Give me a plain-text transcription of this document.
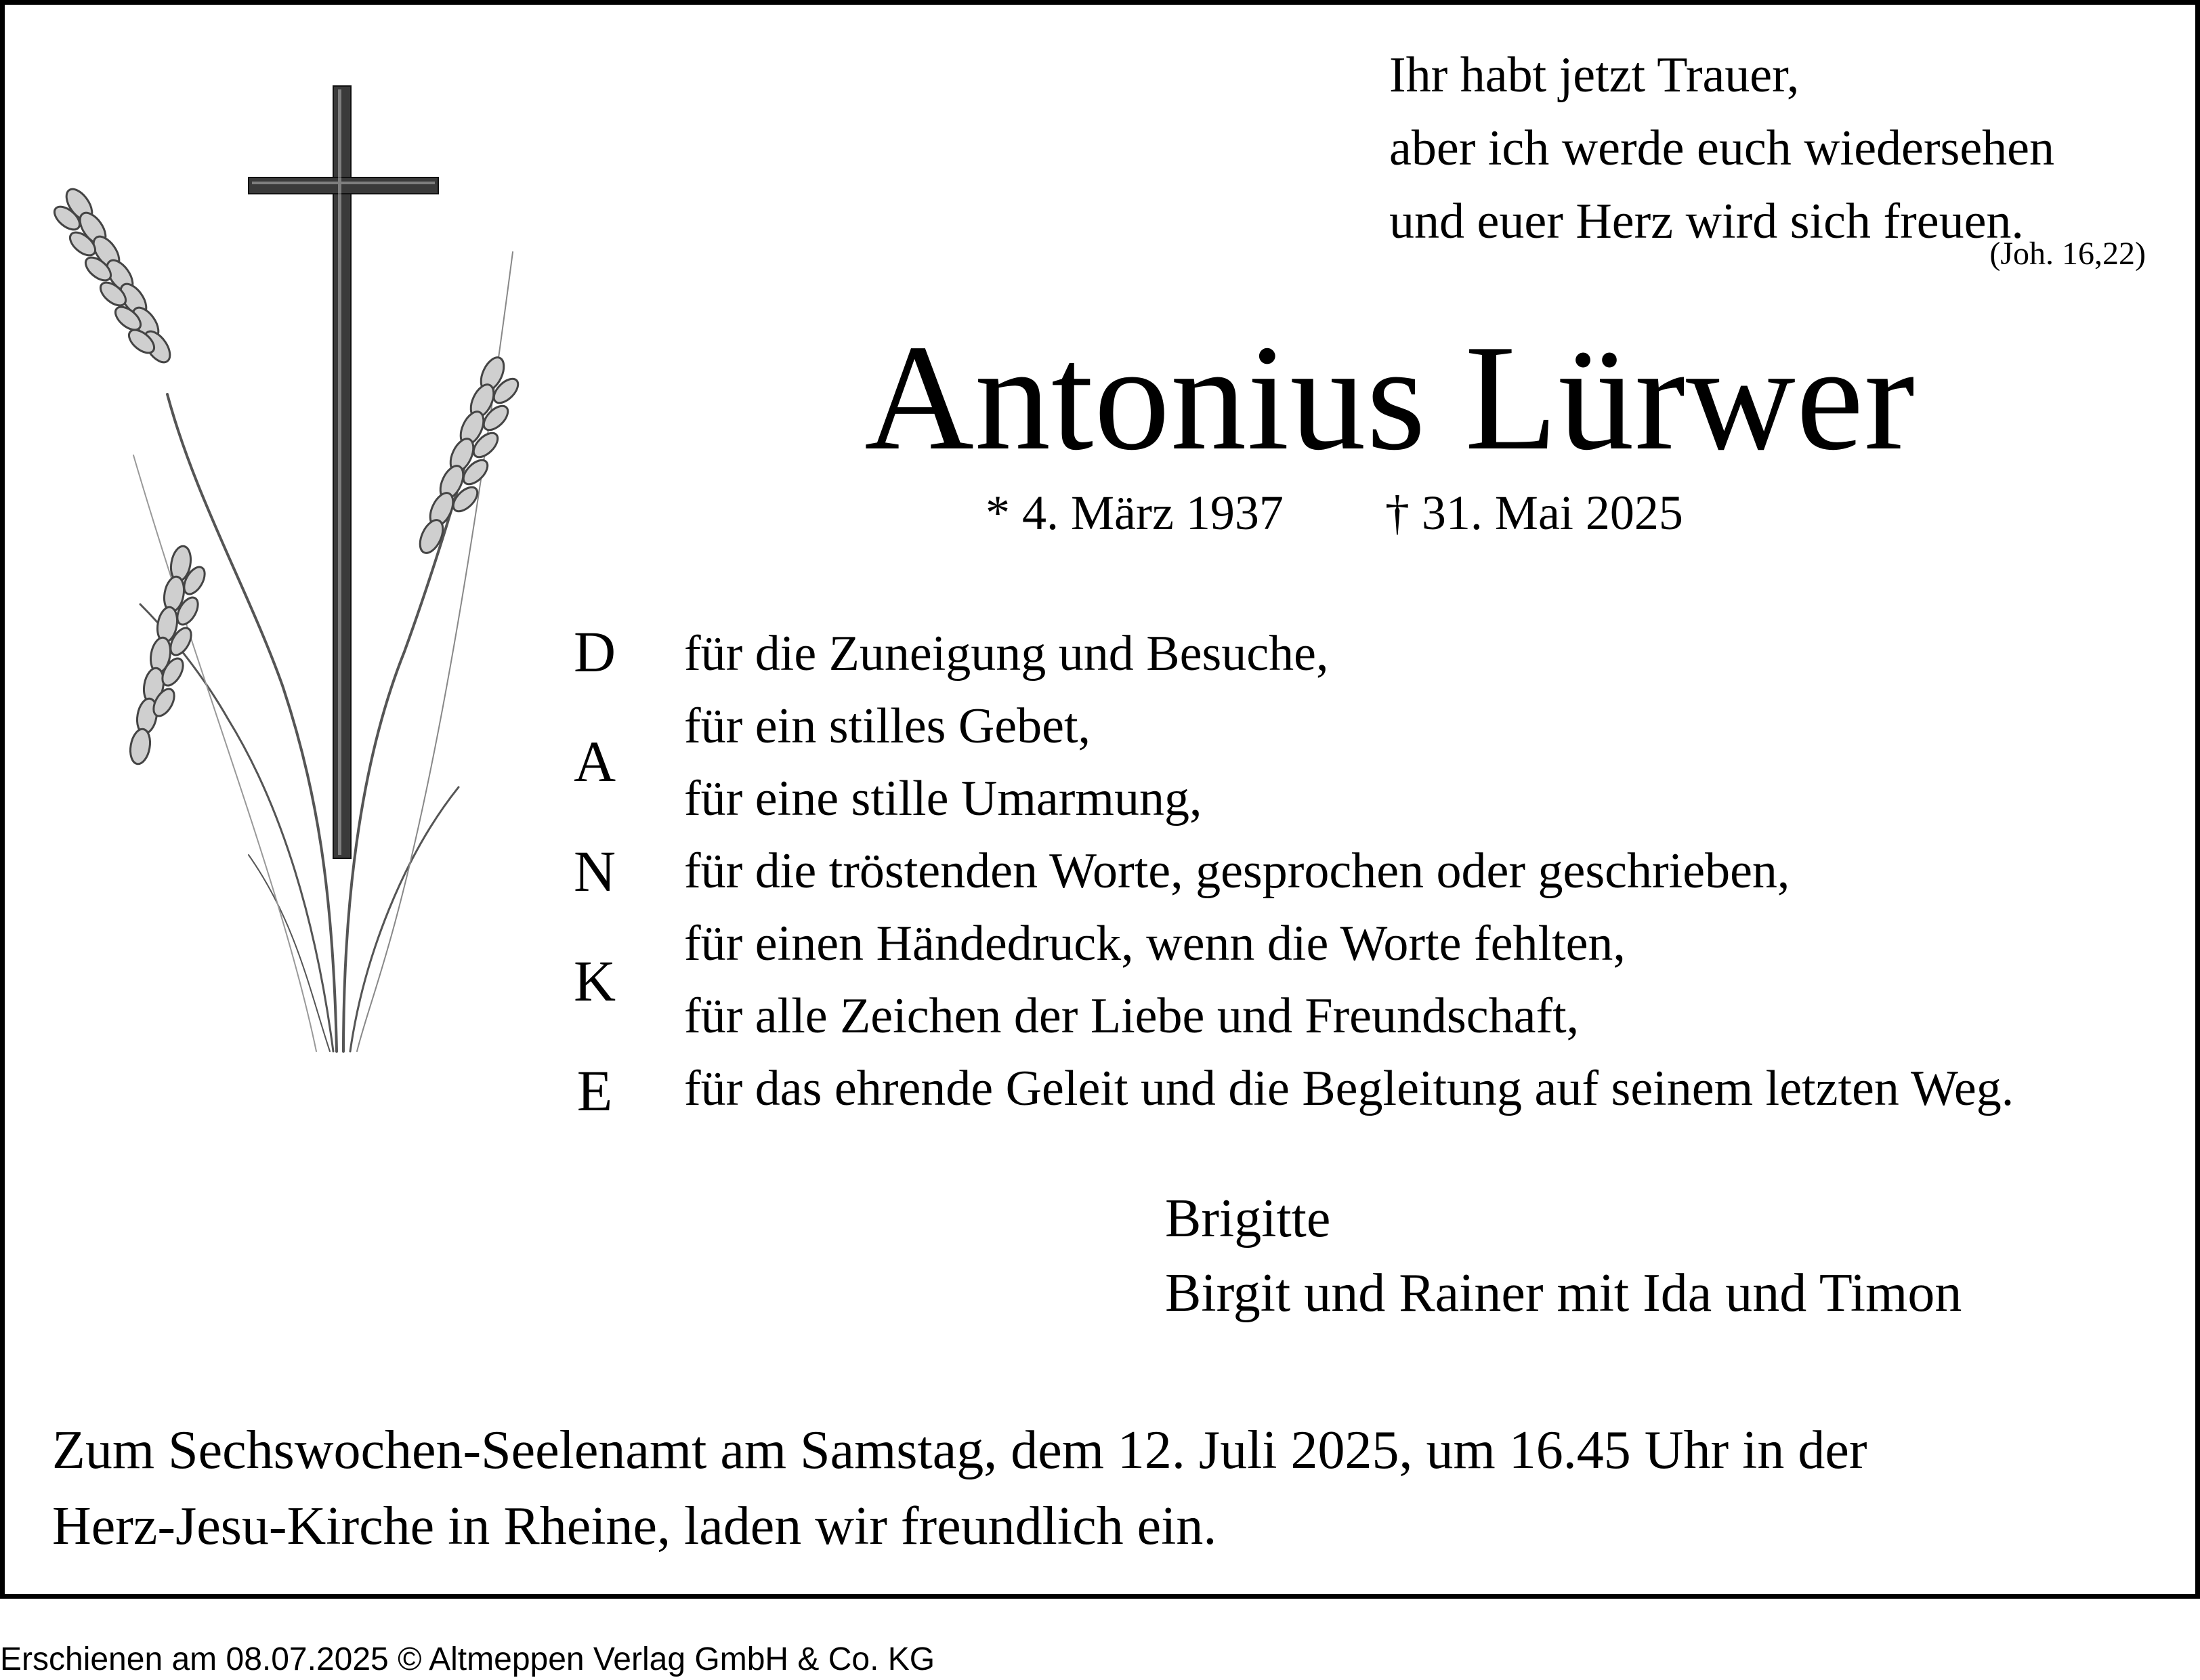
Ihr habt jetzt Trauer,
aber ich werde euch wiedersehen
und euer Herz wird sich freuen.
(Joh. 16,22)
Antonius Lürwer
* 4. März 1937 † 31. Mai 2025
D
A
N
K
E
für die Zuneigung und Besuche,
für ein stilles Gebet,
für eine stille Umarmung,
für die tröstenden Worte, gesprochen oder geschrieben,
für einen Händedruck, wenn die Worte fehlten,
für alle Zeichen der Liebe und Freundschaft,
für das ehrende Geleit und die Begleitung auf seinem letzten Weg.
Brigitte
Birgit und Rainer mit Ida und Timon
Zum Sechswochen-Seelenamt am Samstag, dem 12. Juli 2025, um 16.45 Uhr in der
Herz-Jesu-Kirche in Rheine, laden wir freundlich ein.
Erschienen am 08.07.2025 © Altmeppen Verlag GmbH & Co. KG
